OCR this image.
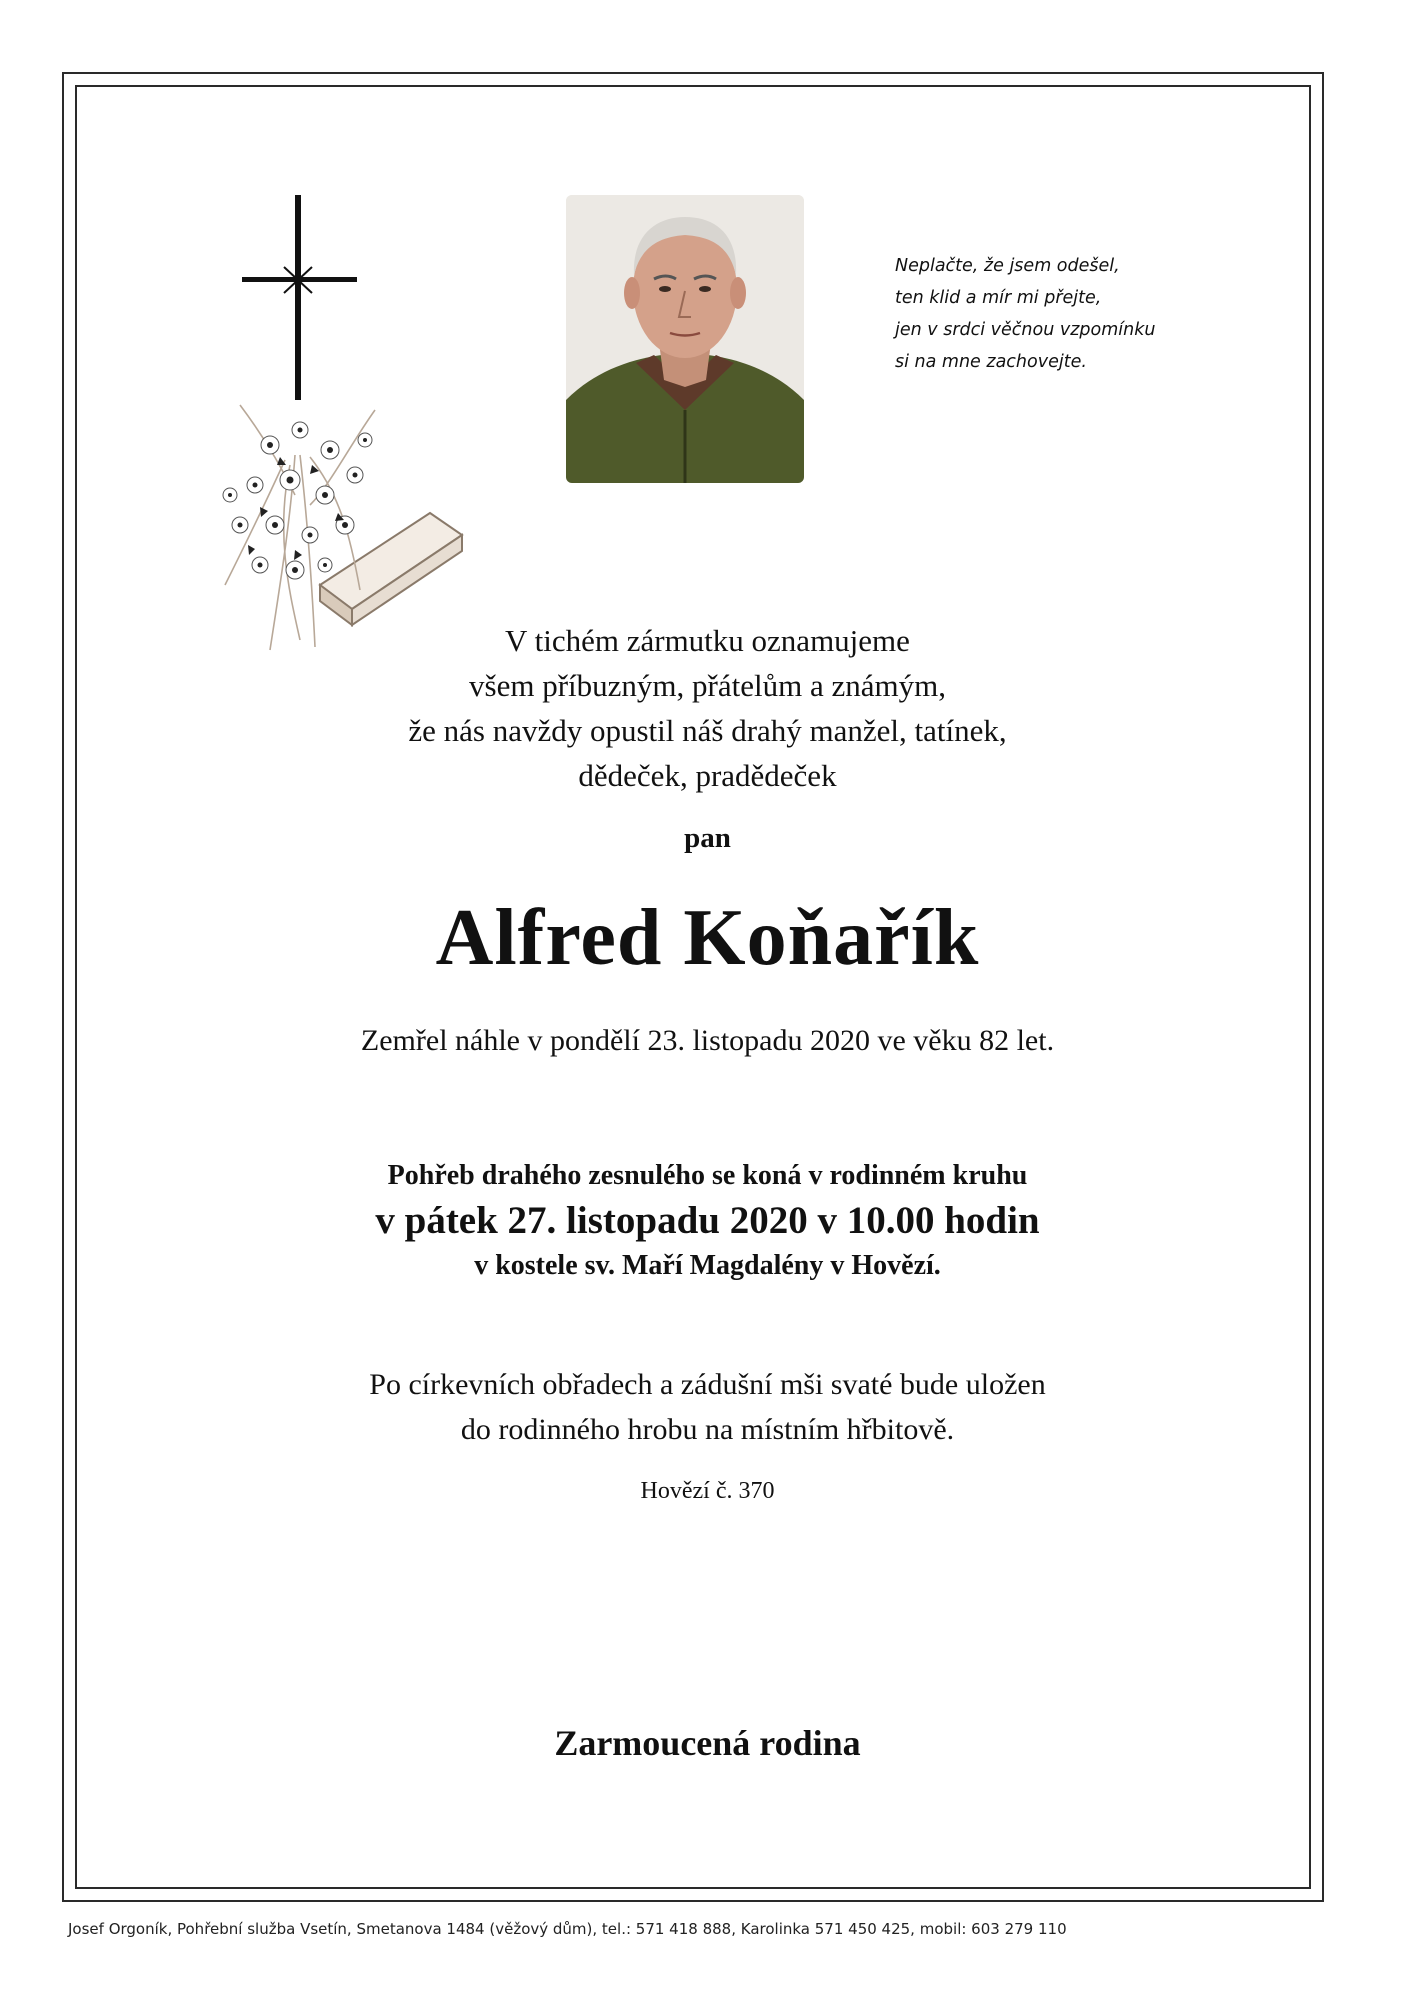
Neplačte, že jsem odešel,
ten klid a mír mi přejte,
jen v srdci věčnou vzpomínku
si na mne zachovejte.
V tichém zármutku oznamujeme
všem příbuzným, přátelům a známým,
že nás navždy opustil náš drahý manžel, tatínek,
dědeček, pradědeček
pan
Alfred Koňařík
Zemřel náhle v pondělí 23. listopadu 2020 ve věku 82 let.
Pohřeb drahého zesnulého se koná v rodinném kruhu
v pátek 27. listopadu 2020 v 10.00 hodin
v kostele sv. Maří Magdalény v Hovězí.
Po církevních obřadech a zádušní mši svaté bude uložen
do rodinného hrobu na místním hřbitově.
Hovězí č. 370
Zarmoucená rodina
Josef Orgoník, Pohřební služba Vsetín, Smetanova 1484 (věžový dům), tel.: 571 418 888, Karolinka 571 450 425, mobil: 603 279 110
